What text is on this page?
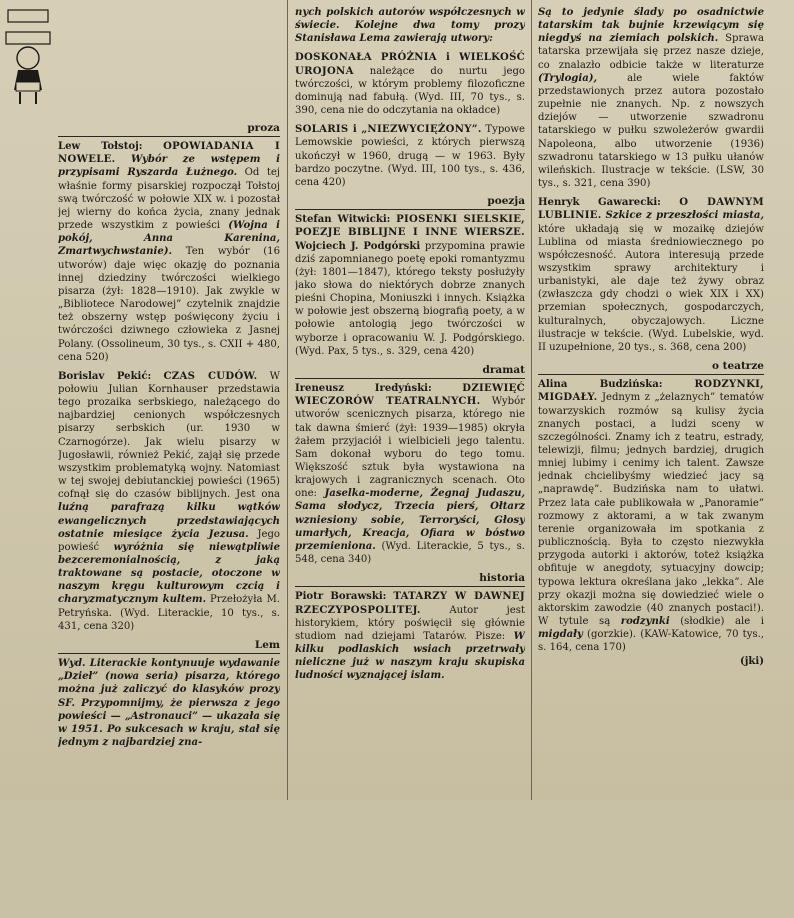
proza

Lew Tołstoj: OPOWIADANIA I NOWELE. Wybór ze wstępem i przypisami Ryszarda Łużnego. Od tej właśnie formy pisarskiej rozpoczął Tołstoj swą twórczość w połowie XIX w. i pozostał jej wierny do końca życia, znany jednak przede wszystkim z powieści (Wojna i pokój, Anna Karenina, Zmartwychwstanie). Ten wybór (16 utworów) daje więc okazję do poznania innej dziedziny twórczości wielkiego pisarza (żył: 1828—1910). Jak zwykle w „Bibliotece Narodowej” czytelnik znajdzie też obszerny wstęp poświęcony życiu i twórczości dziwnego człowieka z Jasnej Polany. (Ossolineum, 30 tys., s. CXII + 480, cena 520)

Borislav Pekić: CZAS CUDÓW. W połowiu Julian Kornhauser przedstawia tego prozaika serbskiego, należącego do najbardziej cenionych współczesnych pisarzy serbskich (ur. 1930 w Czarnogórze). Jak wielu pisarzy w Jugosławii, również Pekić, zajął się przede wszystkim problematyką wojny. Natomiast w tej swojej debiutanckiej powieści (1965) cofnął się do czasów biblijnych. Jest ona luźną parafrazą kilku wątków ewangelicznych przedstawiających ostatnie miesiące życia Jezusa. Jego powieść wyróżnia się niewątpliwie bezceremonialnością, z jaką traktowane są postacie, otoczone w naszym kręgu kulturowym czcią i charyzmatycznym kultem. Przełożyła M. Petryńska. (Wyd. Literackie, 10 tys., s. 431, cena 320)

Lem

Wyd. Literackie kontynuuje wydawanie „Dzieł” (nowa seria) pisarza, którego można już zaliczyć do klasyków prozy SF. Przypomnijmy, że pierwsza z jego powieści — „Astronauci” — ukazała się w 1951. Po sukcesach w kraju, stał się jednym z najbardziej zna-

nych polskich autorów współczesnych w świecie. Kolejne dwa tomy prozy Stanisława Lema zawierają utwory:

DOSKONAŁA PRÓŻNIA i WIELKOŚĆ UROJONA należące do nurtu jego twórczości, w którym problemy filozoficzne dominują nad fabułą. (Wyd. III, 70 tys., s. 390, cena nie do odczytania na okładce)

SOLARIS i „NIEZWYCIĘŻONY”. Typowe Lemowskie powieści, z których pierwszą ukończył w 1960, drugą — w 1963. Były bardzo poczytne. (Wyd. III, 100 tys., s. 436, cena 420)

poezja

Stefan Witwicki: PIOSENKI SIELSKIE, POEZJE BIBLIJNE I INNE WIERSZE. Wojciech J. Podgórski przypomina prawie dziś zapomnianego poetę epoki romantyzmu (żył: 1801—1847), którego teksty posłużyły jako słowa do niektórych dobrze znanych pieśni Chopina, Moniuszki i innych. Książka w połowie jest obszerną biografią poety, a w połowie antologią jego twórczości w wyborze i opracowaniu W. J. Podgórskiego. (Wyd. Pax, 5 tys., s. 329, cena 420)

dramat

Ireneusz Iredyński:	DZIEWIĘĆ WIECZORÓW TEATRALNYCH. Wybór utworów scenicznych pisarza, którego nie tak dawna śmierć (żył: 1939—1985) okryła żałem przyjaciół i wielbicieli jego talentu. Sam dokonał wyboru do tego tomu. Większość sztuk była wystawiona na krajowych i zagranicznych scenach. Oto one: Jaselka-moderne, Żegnaj Judaszu, Sama słodycz, Trzecia pierś, Ołtarz wzniesiony sobie, Terroryści, Głosy umarłych, Kreacja, Ofiara w bóstwo przemieniona. (Wyd. Literackie, 5 tys., s. 548, cena 340)

historia

Piotr Borawski: TATARZY W DAWNEJ RZECZYPOSPOLITEJ.	Autor jest historykiem, który poświęcił się głównie studiom nad dziejami Tatarów. Pisze: W kilku podlaskich wsiach przetrwały nieliczne już w naszym kraju skupiska ludności wyznającej islam.

Są to jedynie ślady po osadnictwie tatarskim tak bujnie krzewiącym się niegdyś na ziemiach polskich. Sprawa tatarska przewijała się przez nasze dzieje, co znalazło odbicie także w literaturze (Trylogia),	ale wiele faktów przedstawionych przez autora pozostało zupełnie nie znanych. Np. z nowszych dziejów — utworzenie szwadronu tatarskiego w pułku szwoleżerów gwardii Napoleona, albo utworzenie (1936) szwadronu tatarskiego w 13 pułku ułanów wileńskich. Ilustracje w tekście. (LSW, 30 tys., s. 321, cena 390)

Henryk Gawarecki: O DAWNYM LUBLINIE. Szkice z przeszłości miasta, które układają się w mozaikę dziejów Lublina od miasta średniowiecznego po współczesność. Autora interesują przede wszystkim sprawy architektury i urbanistyki, ale daje też żywy obraz (zwłaszcza gdy chodzi o wiek XIX i XX) przemian społecznych, gospodarczych, kulturalnych, obyczajowych. Liczne ilustracje w tekście. (Wyd. Lubelskie, wyd. II uzupełnione, 20 tys., s. 368, cena 200)

o teatrze

Alina Budzińska:	RODZYNKI, MIGDAŁY. Jednym z „żelaznych” tematów towarzyskich rozmów są kulisy życia znanych postaci, a ludzi sceny w szczególności. Znamy ich z teatru, estrady, telewizji, filmu; jednych bardziej, drugich mniej lubimy i cenimy ich talent. Zawsze jednak chcielibyśmy wiedzieć jacy są „naprawdę”. Budzińska nam to ułatwi. Przez lata całe publikowała w „Panoramie” rozmowy z aktorami, a w tak zwanym terenie organizowała im spotkania z publicznością. Była to często niezwykła przygoda autorki i aktorów, toteż książka obfituje w anegdoty, sytuacyjny dowcip; typowa lektura określana jako „lekka”. Ale przy okazji można się dowiedzieć wiele o aktorskim zawodzie (40 znanych postaci!). W tytule są rodzynki (słodkie) ale i migdały (gorzkie). (KAW-Katowice, 70 tys., s. 164, cena 170)

(jki)
